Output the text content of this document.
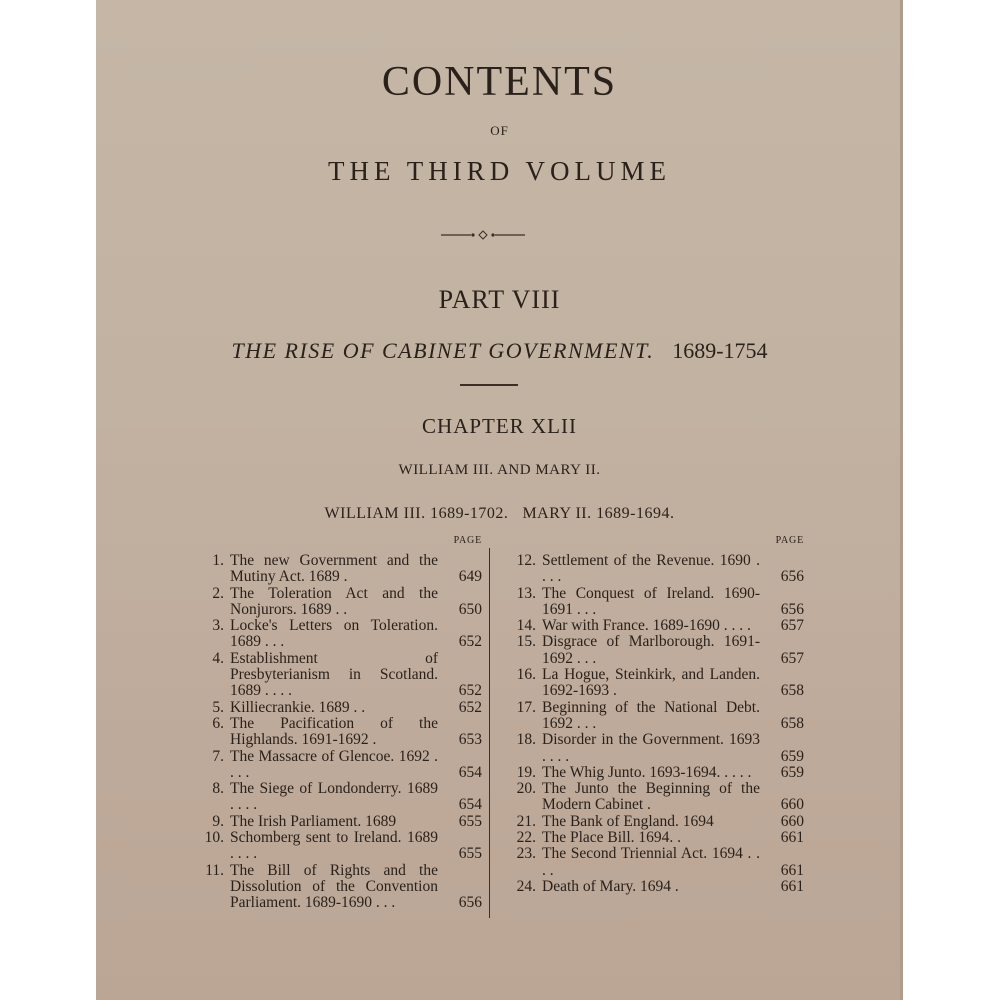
CONTENTS
OF
THE THIRD VOLUME
PART VIII
THE RISE OF CABINET GOVERNMENT. 1689-1754
CHAPTER XLII
WILLIAM III. AND MARY II.
WILLIAM III. 1689-1702. MARY II. 1689-1694.
PAGE
1. The new Government and the Mutiny Act. 1689 .	649
2. The Toleration Act and the Nonjurors. 1689 . .	650
3. Locke's Letters on Toleration. 1689 . . .	652
4. Establishment of Presbyterianism in Scotland. 1689 . . . .	652
5. Killiecrankie. 1689 . .	652
6. The Pacification of the Highlands. 1691-1692 .	653
7. The Massacre of Glencoe. 1692 . . . .	654
8. The Siege of Londonderry. 1689 . . . .	654
9. The Irish Parliament. 1689	655
10. Schomberg sent to Ireland. 1689 . . . .	655
11. The Bill of Rights and the Dissolution of the Convention Parliament. 1689-1690 . . .	656
PAGE
12. Settlement of the Revenue. 1690 . . . .	656
13. The Conquest of Ireland. 1690-1691 . . .	656
14. War with France. 1689-1690 . . . .	657
15. Disgrace of Marlborough. 1691-1692 . . .	657
16. La Hogue, Steinkirk, and Landen. 1692-1693 .	658
17. Beginning of the National Debt. 1692 . . .	658
18. Disorder in the Government. 1693 . . . .	659
19. The Whig Junto. 1693-1694. . . . .	659
20. The Junto the Beginning of the Modern Cabinet .	660
21. The Bank of England. 1694	660
22. The Place Bill. 1694. .	661
23. The Second Triennial Act. 1694 . . . .	661
24. Death of Mary. 1694 .	661
